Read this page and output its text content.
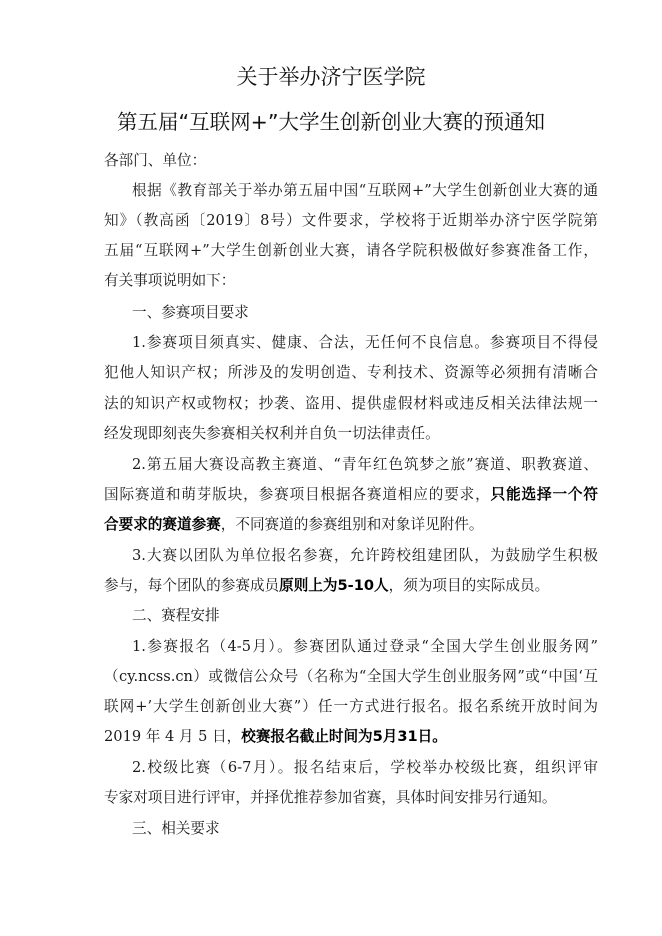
关于举办济宁医学院
第五届“互联网+”大学生创新创业大赛的预通知
各部门、单位：
根据《教育部关于举办第五届中国“互联网+”大学生创新创业大赛的通
知》（教高函〔2019〕8号）文件要求，学校将于近期举办济宁医学院第
五届“互联网+”大学生创新创业大赛，请各学院积极做好参赛准备工作，
有关事项说明如下：
一、参赛项目要求
1.参赛项目须真实、健康、合法，无任何不良信息。参赛项目不得侵
犯他人知识产权；所涉及的发明创造、专利技术、资源等必须拥有清晰合
法的知识产权或物权；抄袭、盗用、提供虚假材料或违反相关法律法规一
经发现即刻丧失参赛相关权利并自负一切法律责任。
2.第五届大赛设高教主赛道、“青年红色筑梦之旅”赛道、职教赛道、
国际赛道和萌芽版块，参赛项目根据各赛道相应的要求，只能选择一个符
合要求的赛道参赛，不同赛道的参赛组别和对象详见附件。
3.大赛以团队为单位报名参赛，允许跨校组建团队，为鼓励学生积极
参与，每个团队的参赛成员原则上为5-10人，须为项目的实际成员。
二、赛程安排
1.参赛报名（4-5月）。参赛团队通过登录“全国大学生创业服务网”
（cy.ncss.cn）或微信公众号（名称为“全国大学生创业服务网”或“中国‘互
联网+’大学生创新创业大赛”）任一方式进行报名。报名系统开放时间为
2019 年 4 月 5 日，校赛报名截止时间为5月31日。
2.校级比赛（6-7月）。报名结束后，学校举办校级比赛，组织评审
专家对项目进行评审，并择优推荐参加省赛，具体时间安排另行通知。
三、相关要求
